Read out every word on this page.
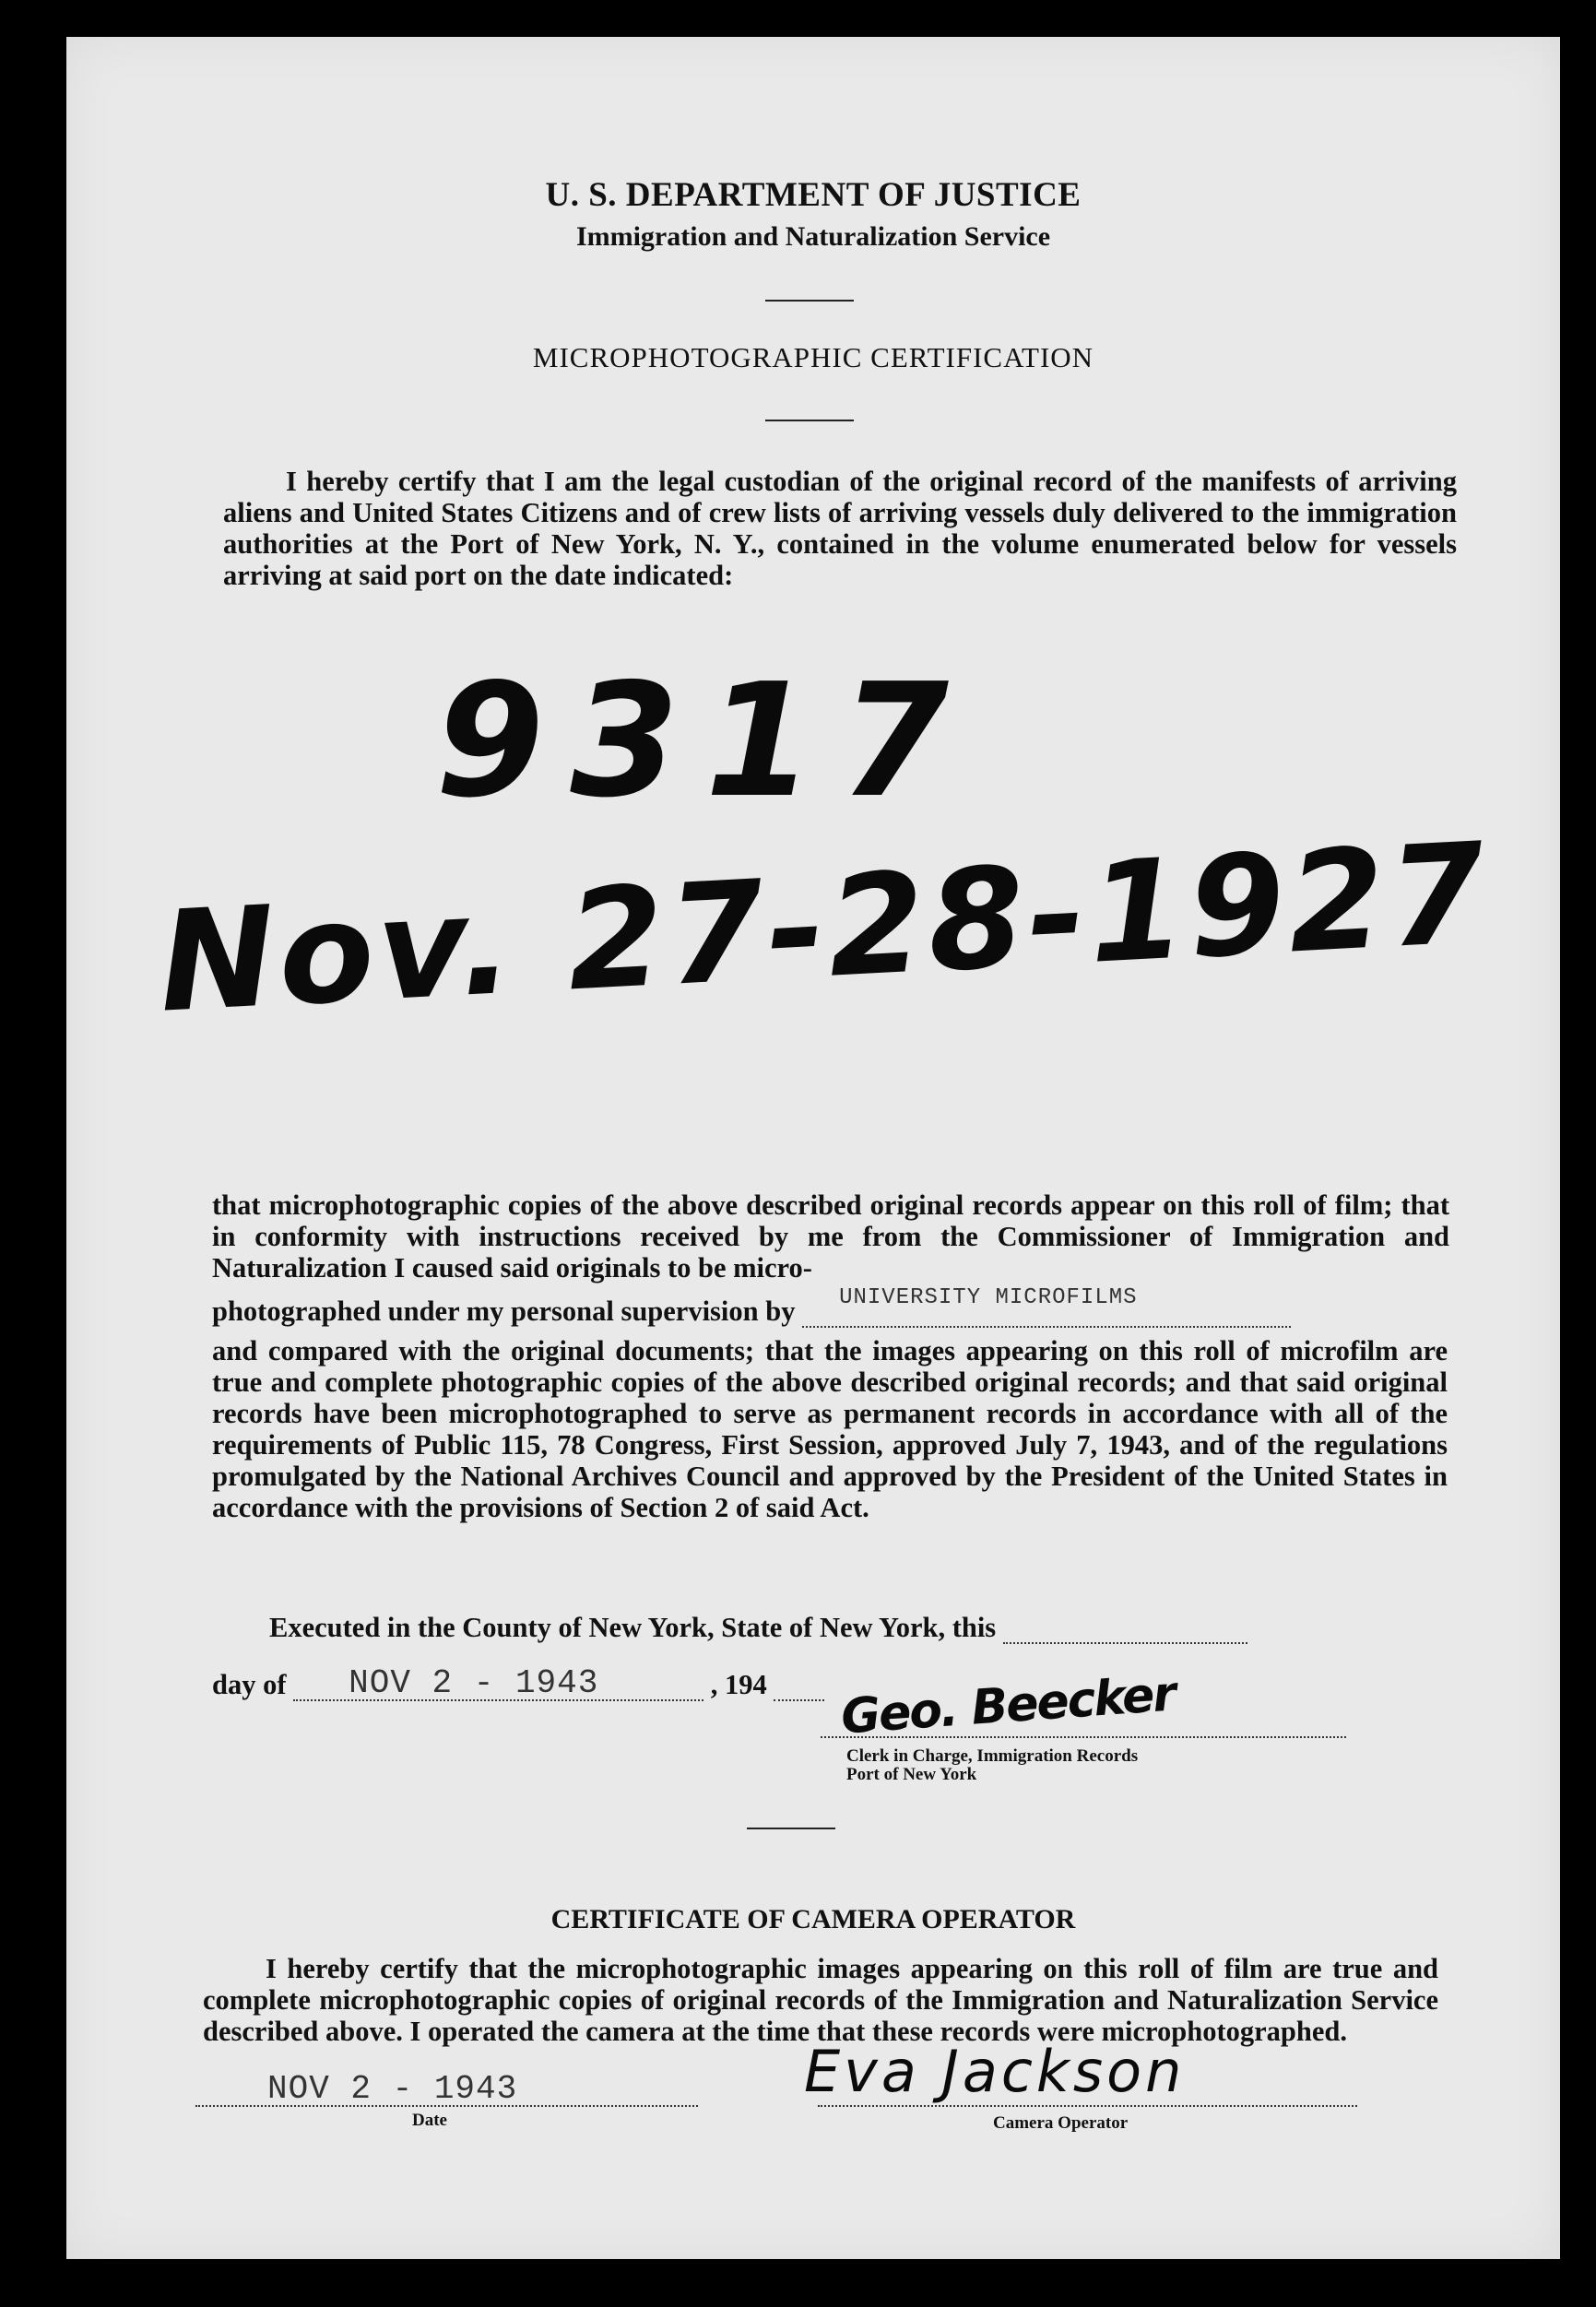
U. S. DEPARTMENT OF JUSTICE
Immigration and Naturalization Service
MICROPHOTOGRAPHIC CERTIFICATION
I hereby certify that I am the legal custodian of the original record of the manifests of arriving aliens and United States Citizens and of crew lists of arriving vessels duly delivered to the immigration authorities at the Port of New York, N. Y., contained in the volume enumerated below for vessels arriving at said port on the date indicated:
9317
Nov. 27-28-1927
that microphotographic copies of the above described original records appear on this roll of film; that in conformity with instructions received by me from the Commissioner of Immigration and Naturalization I caused said originals to be micro-
photographed under my personal supervision by UNIVERSITY MICROFILMS
and compared with the original documents; that the images appearing on this roll of microfilm are true and complete photographic copies of the above described original records; and that said original records have been microphotographed to serve as permanent records in accordance with all of the requirements of Public 115, 78 Congress, First Session, approved July 7, 1943, and of the regulations promulgated by the National Archives Council and approved by the President of the United States in accordance with the provisions of Section 2 of said Act.
Executed in the County of New York, State of New York, this
day of NOV 2 - 1943	, 194	Geo. Beecker
Clerk in Charge, Immigration Records
Port of New York
CERTIFICATE OF CAMERA OPERATOR
I hereby certify that the microphotographic images appearing on this roll of film are true and complete microphotographic copies of original records of the Immigration and Naturalization Service described above. I operated the camera at the time that these records were microphotographed.
NOV 2 - 1943
Date
Eva Jackson
Camera Operator
